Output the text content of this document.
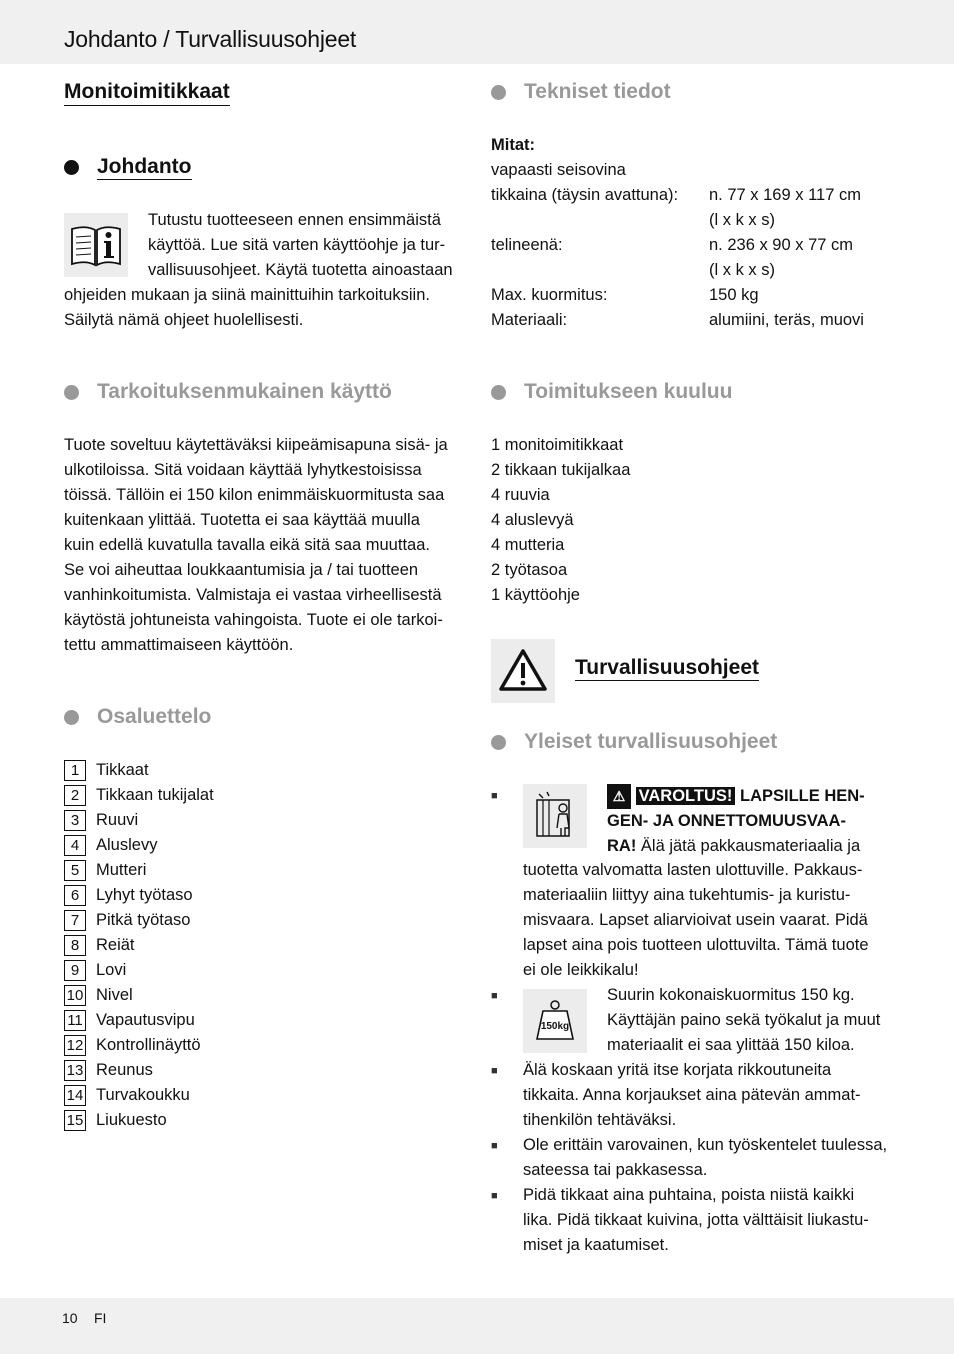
Johdanto / Turvallisuusohjeet
Monitoimitikkaat
Johdanto

Tutustu tuotteeseen ennen ensimmäistä

käyttöä. Lue sitä varten käyttöohje ja tur-

vallisuusohjeet. Käytä tuotetta ainoastaan

ohjeiden mukaan ja siinä mainittuihin tarkoituksiin.

Säilytä nämä ohjeet huolellisesti.

Tarkoituksenmukainen käyttö

Tuote soveltuu käytettäväksi kiipeämisapuna sisä- ja

ulkotiloissa. Sitä voidaan käyttää lyhytkestoisissa

töissä. Tällöin ei 150 kilon enimmäiskuormitusta saa

kuitenkaan ylittää. Tuotetta ei saa käyttää muulla

kuin edellä kuvatulla tavalla eikä sitä saa muuttaa.

Se voi aiheuttaa loukkaantumisia ja / tai tuotteen

vanhinkoitumista. Valmistaja ei vastaa virheellisestä

käytöstä johtuneista vahingoista. Tuote ei ole tarkoi-

tettu ammattimaiseen käyttöön.

Osaluettelo
1	Tikkaat
2	Tikkaan tukijalat
3	Ruuvi
4	Aluslevy
5	Mutteri
6	Lyhyt työtaso
7	Pitkä työtaso
8	Reiät
9	Lovi
10 Nivel
11 Vapautusvipu
12 Kontrollinäyttö
13 Reunus
14 Turvakoukku
15 Liukuesto
Tekniset tiedot
Mitat:

vapaasti seisovina

tikkaina (täysin avattuna):	n. 77 x 169 x 117 cm
(l x k x s)
telineenä:	n. 236 x 90 x 77 cm
(l x k x s)
Max. kuormitus:	150 kg
Materiaali:	alumiini, teräs, muovi
Toimitukseen kuuluu

1 monitoimitikkaat

2 tikkaan tukijalkaa

4 ruuvia

4 aluslevyä

4 mutteria

2 työtasoa

1 käyttöohje

Turvallisuusohjeet
Yleiset turvallisuusohjeet
■	⚠ VAROLTUS! LAPSILLE HEN-

GEN- JA ONNETTOMUUSVAA-

RA! Älä jätä pakkausmateriaalia ja

tuotetta valvomatta lasten ulottuville. Pakkaus-

materiaaliin liittyy aina tukehtumis- ja kuristu-

misvaara. Lapset aliarvioivat usein vaarat. Pidä

lapset aina pois tuotteen ulottuvilta. Tämä tuote

ei ole leikkikalu!

■
150kg

Suurin kokonaiskuormitus 150 kg.

Käyttäjän paino sekä työkalut ja muut

materiaalit ei saa ylittää 150 kiloa.

■ Älä koskaan yritä itse korjata rikkoutuneita

tikkaita. Anna korjaukset aina pätevän ammat-

tihenkilön tehtäväksi.

■ Ole erittäin varovainen, kun työskentelet tuulessa,

sateessa tai pakkasessa.

■ Pidä tikkaat aina puhtaina, poista niistä kaikki

lika. Pidä tikkaat kuivina, jotta välttäisit liukastu-

miset ja kaatumiset.

10 FI
